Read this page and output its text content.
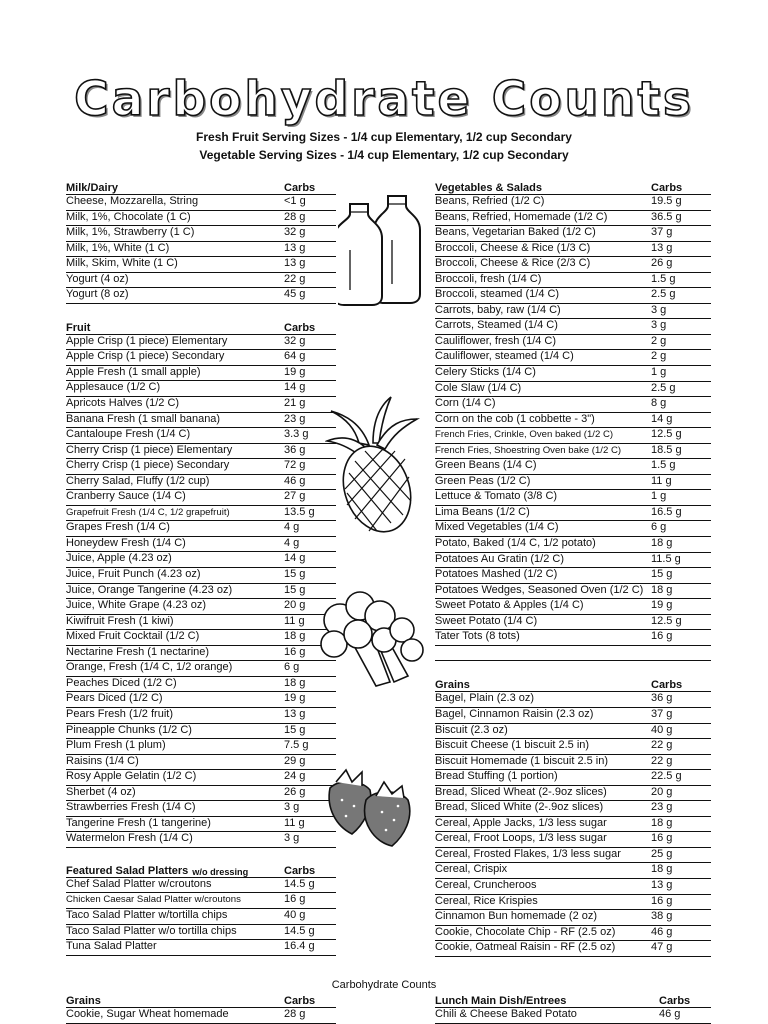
Carbohydrate Counts
Fresh Fruit Serving Sizes - 1/4 cup Elementary, 1/2 cup Secondary
Vegetable Serving Sizes - 1/4 cup Elementary, 1/2 cup Secondary
Milk/Dairy	Carbs
Cheese, Mozzarella, String	<1 g
Milk, 1%, Chocolate (1 C)	28 g
Milk, 1%, Strawberry (1 C)	32 g
Milk, 1%, White (1 C)	13 g
Milk, Skim, White (1 C)	13 g
Yogurt (4 oz)	22 g
Yogurt (8 oz)	45 g
Fruit	Carbs
Apple Crisp (1 piece) Elementary	32 g
Apple Crisp (1 piece) Secondary	64 g
Apple Fresh (1 small apple)	19 g
Applesauce (1/2 C)	14 g
Apricots Halves (1/2 C)	21 g
Banana Fresh (1 small banana)	23 g
Cantaloupe Fresh (1/4 C)	3.3 g
Cherry Crisp (1 piece) Elementary	36 g
Cherry Crisp (1 piece) Secondary	72 g
Cherry Salad, Fluffy (1/2 cup)	46 g
Cranberry Sauce (1/4 C)	27 g
Grapefruit Fresh (1/4 C, 1/2 grapefruit)	13.5 g
Grapes Fresh (1/4 C)	4 g
Honeydew Fresh (1/4 C)	4 g
Juice, Apple (4.23 oz)	14 g
Juice, Fruit Punch (4.23 oz)	15 g
Juice, Orange Tangerine (4.23 oz)	15 g
Juice, White Grape (4.23 oz)	20 g
Kiwifruit Fresh (1 kiwi)	11 g
Mixed Fruit Cocktail (1/2 C)	18 g
Nectarine Fresh (1 nectarine)	16 g
Orange, Fresh (1/4 C, 1/2 orange)	6 g
Peaches Diced (1/2 C)	18 g
Pears Diced (1/2 C)	19 g
Pears Fresh (1/2 fruit)	13 g
Pineapple Chunks (1/2 C)	15 g
Plum Fresh (1 plum)	7.5 g
Raisins (1/4 C)	29 g
Rosy Apple Gelatin (1/2 C)	24 g
Sherbet (4 oz)	26 g
Strawberries Fresh (1/4 C)	3 g
Tangerine Fresh (1 tangerine)	11 g
Watermelon Fresh (1/4 C)	3 g
Featured Salad Platters w/o dressing	Carbs
Chef Salad Platter w/croutons	14.5 g
Chicken Caesar Salad Platter w/croutons	16 g
Taco Salad Platter w/tortilla chips	40 g
Taco Salad Platter w/o tortilla chips	14.5 g
Tuna Salad Platter	16.4 g
Vegetables & Salads	Carbs
Beans, Refried (1/2 C)	19.5 g
Beans, Refried, Homemade (1/2 C)	36.5 g
Beans, Vegetarian Baked (1/2 C)	37 g
Broccoli, Cheese & Rice (1/3 C)	13 g
Broccoli, Cheese & Rice (2/3 C)	26 g
Broccoli, fresh (1/4 C)	1.5 g
Broccoli, steamed (1/4 C)	2.5 g
Carrots, baby, raw (1/4 C)	3 g
Carrots, Steamed (1/4 C)	3 g
Cauliflower, fresh (1/4 C)	2 g
Cauliflower, steamed (1/4 C)	2 g
Celery Sticks (1/4 C)	1 g
Cole Slaw (1/4 C)	2.5 g
Corn (1/4 C)	8 g
Corn on the cob (1 cobbette - 3")	14 g
French Fries, Crinkle, Oven baked (1/2 C)	12.5 g
French Fries, Shoestring Oven bake (1/2 C)	18.5 g
Green Beans (1/4 C)	1.5 g
Green Peas (1/2 C)	11 g
Lettuce & Tomato (3/8 C)	1 g
Lima Beans (1/2 C)	16.5 g
Mixed Vegetables (1/4 C)	6 g
Potato, Baked (1/4 C, 1/2 potato)	18 g
Potatoes Au Gratin (1/2 C)	11.5 g
Potatoes Mashed (1/2 C)	15 g
Potatoes Wedges, Seasoned Oven (1/2 C) 18 g
Sweet Potato & Apples (1/4 C)	19 g
Sweet Potato (1/4 C)	12.5 g
Tater Tots (8 tots)	16 g
Grains	Carbs
Bagel, Plain (2.3 oz)	36 g
Bagel, Cinnamon Raisin (2.3 oz)	37 g
Biscuit (2.3 oz)	40 g
Biscuit Cheese (1 biscuit 2.5 in)	22 g
Biscuit Homemade (1 biscuit 2.5 in)	22 g
Bread Stuffing (1 portion)	22.5 g
Bread, Sliced Wheat (2-.9oz slices)	20 g
Bread, Sliced White (2-.9oz slices)	23 g
Cereal, Apple Jacks, 1/3 less sugar	18 g
Cereal, Froot Loops, 1/3 less sugar	16 g
Cereal, Frosted Flakes, 1/3 less sugar	25 g
Cereal, Crispix	18 g
Cereal, Cruncheroos	13 g
Cereal, Rice Krispies	16 g
Cinnamon Bun homemade (2 oz)	38 g
Cookie, Chocolate Chip - RF (2.5 oz)	46 g
Cookie, Oatmeal Raisin - RF (2.5 oz)	47 g
Carbohydrate Counts
Grains	Carbs
Cookie, Sugar Wheat homemade	28 g
Lunch Main Dish/Entrees	Carbs
Chili & Cheese Baked Potato	46 g
